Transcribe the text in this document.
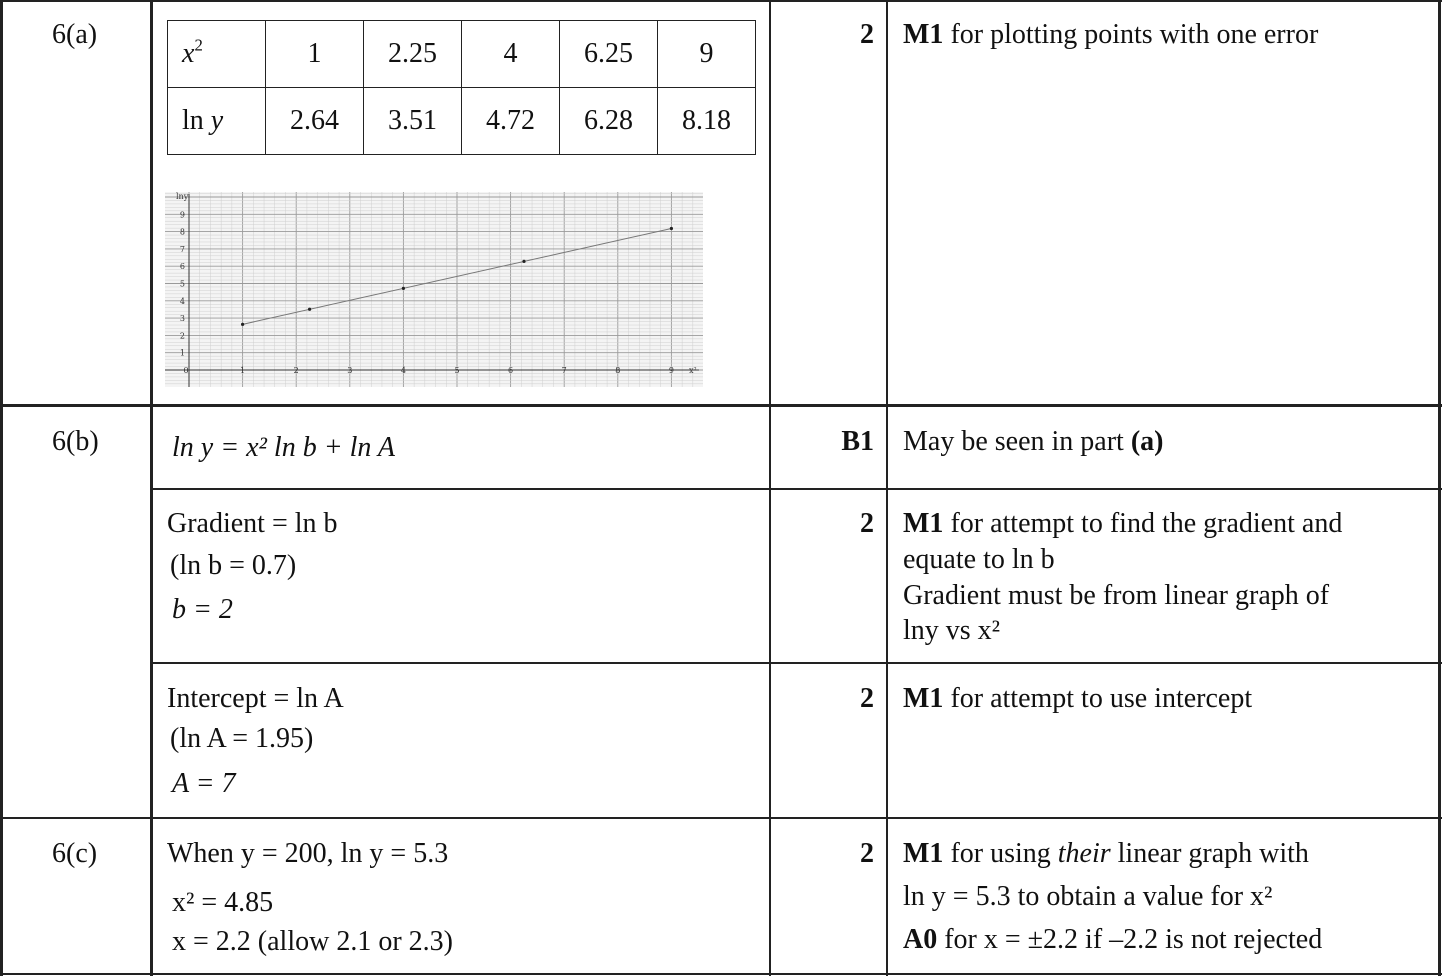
6(a)
$x^2$	1	2.25	4	6.25	9
ln y	2.64	3.51	4.72	6.28	8.18
0	1	2	3	4	5	6	7	8	9
1
2
3
4
5
6
7
8
9
lny
x²
2 M1 for plotting points with one error
6(b)	ln y = x² ln b + ln A	B1 May be seen in part (a)
Gradient = ln b
(ln b = 0.7)
b = 2
2 M1 for attempt to find the gradient and
equate to ln b
Gradient must be from linear graph of
lny vs x²
Intercept = ln A
(ln A = 1.95)
A = 7
2 M1 for attempt to use intercept
6(c) When y = 200, ln y = 5.3
x² = 4.85
x = 2.2 (allow 2.1 or 2.3)
2 M1 for using their linear graph with
ln y = 5.3 to obtain a value for x²
A0 for x = ±2.2 if –2.2 is not rejected
